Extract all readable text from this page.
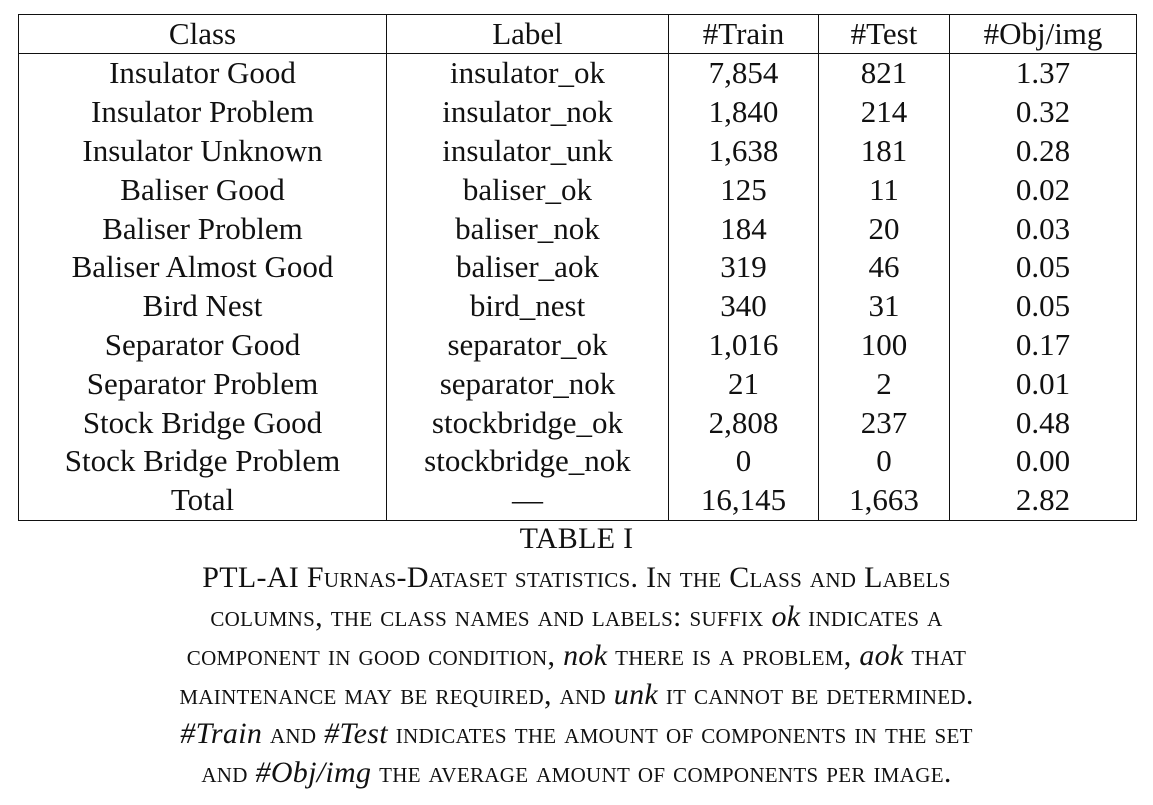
Class	Label	#Train	#Test	#Obj/img
Insulator Good	insulator_ok	7,854	821	1.37
Insulator Problem	insulator_nok	1,840	214	0.32
Insulator Unknown	insulator_unk	1,638	181	0.28
Baliser Good	baliser_ok	125	11	0.02
Baliser Problem	baliser_nok	184	20	0.03
Baliser Almost Good	baliser_aok	319	46	0.05
Bird Nest	bird_nest	340	31	0.05
Separator Good	separator_ok	1,016	100	0.17
Separator Problem	separator_nok	21	2	0.01
Stock Bridge Good	stockbridge_ok	2,808	237	0.48
Stock Bridge Problem	stockbridge_nok	0	0	0.00
Total	—	16,145	1,663	2.82
TABLE I
PTL-AI Furnas-Dataset statistics. In the Class and Labels
columns, the class names and labels: suffix ok indicates a
component in good condition, nok there is a problem, aok that
maintenance may be required, and unk it cannot be determined.
#Train and #Test indicates the amount of components in the set
and #Obj/img the average amount of components per image.
